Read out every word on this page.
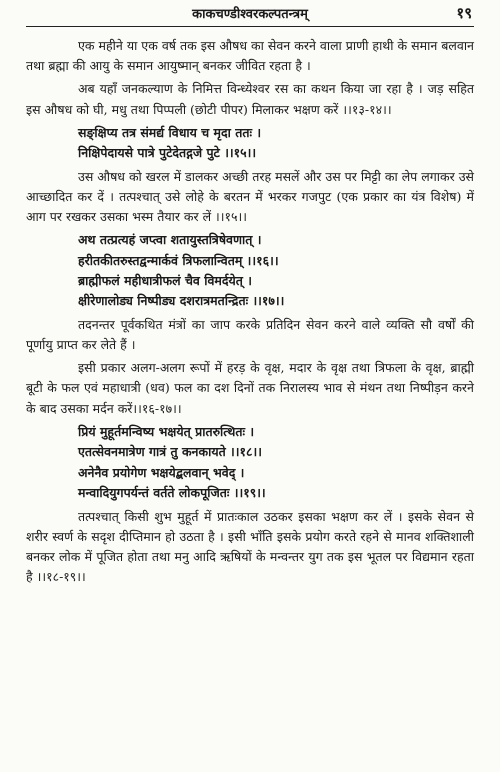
काकचण्डीश्वरकल्पतन्त्रम्	१९

एक महीने या एक वर्ष तक इस औषध का सेवन करने वाला प्राणी हाथी के समान बलवान तथा ब्रह्मा की आयु के समान आयुष्मान् बनकर जीवित रहता है ।

अब यहाँ जनकल्याण के निमित्त विन्ध्येश्वर रस का कथन किया जा रहा है । जड़ सहित इस औषध को घी, मधु तथा पिप्पली (छोटी पीपर) मिलाकर भक्षण करें ।।१३-१४।।

सङ्क्षिप्य तत्र संमर्द्य विधाय च मृदा ततः ।
निक्षिपेदायसे पात्रे पुटेदेतद्गजे पुटे ।।१५।।

उस औषध को खरल में डालकर अच्छी तरह मसलें और उस पर मिट्टी का लेप लगाकर उसे आच्छादित कर दें । तत्पश्चात् उसे लोहे के बरतन में भरकर गजपुट (एक प्रकार का यंत्र विशेष) में आग पर रखकर उसका भस्म तैयार कर लें ।।१५।।

अथ तत्प्रत्यहं जप्त्वा शतायुस्तत्रिषेवणात् ।
हरीतकीतरुस्तद्वन्मार्कवं त्रिफलान्वितम् ।।१६।।
ब्राह्मीफलं महीधात्रीफलं चैव विमर्दयेत् ।
क्षीरेणालोड्य निष्पीड्य दशरात्रमतन्द्रितः ।।१७।।

तदनन्तर पूर्वकथित मंत्रों का जाप करके प्रतिदिन सेवन करने वाले व्यक्ति सौ वर्षों की पूर्णायु प्राप्त कर लेते हैं ।

इसी प्रकार अलग-अलग रूपों में हरड़ के वृक्ष, मदार के वृक्ष तथा त्रिफला के वृक्ष, ब्राह्मी बूटी के फल एवं महाधात्री (धव) फल का दश दिनों तक निरालस्य भाव से मंथन तथा निष्पीड़न करने के बाद उसका मर्दन करें।।१६-१७।।

प्रियं मुहूर्तमन्विष्य भक्षयेत् प्रातरुत्थितः ।
एतत्सेवनमात्रेण गात्रं तु कनकायते ।।१८।।
अनेनैव प्रयोगेण भक्षयेद्बलवान् भवेद् ।
मन्वादियुगपर्यन्तं वर्तते लोकपूजितः ।।१९।।

तत्पश्चात् किसी शुभ मुहूर्त में प्रातःकाल उठकर इसका भक्षण कर लें । इसके सेवन से शरीर स्वर्ण के सदृश दीप्तिमान हो उठता है । इसी भाँति इसके प्रयोग करते रहने से मानव शक्तिशाली बनकर लोक में पूजित होता तथा मनु आदि ऋषियों के मन्वन्तर युग तक इस भूतल पर विद्यमान रहता है ।।१८-१९।।
